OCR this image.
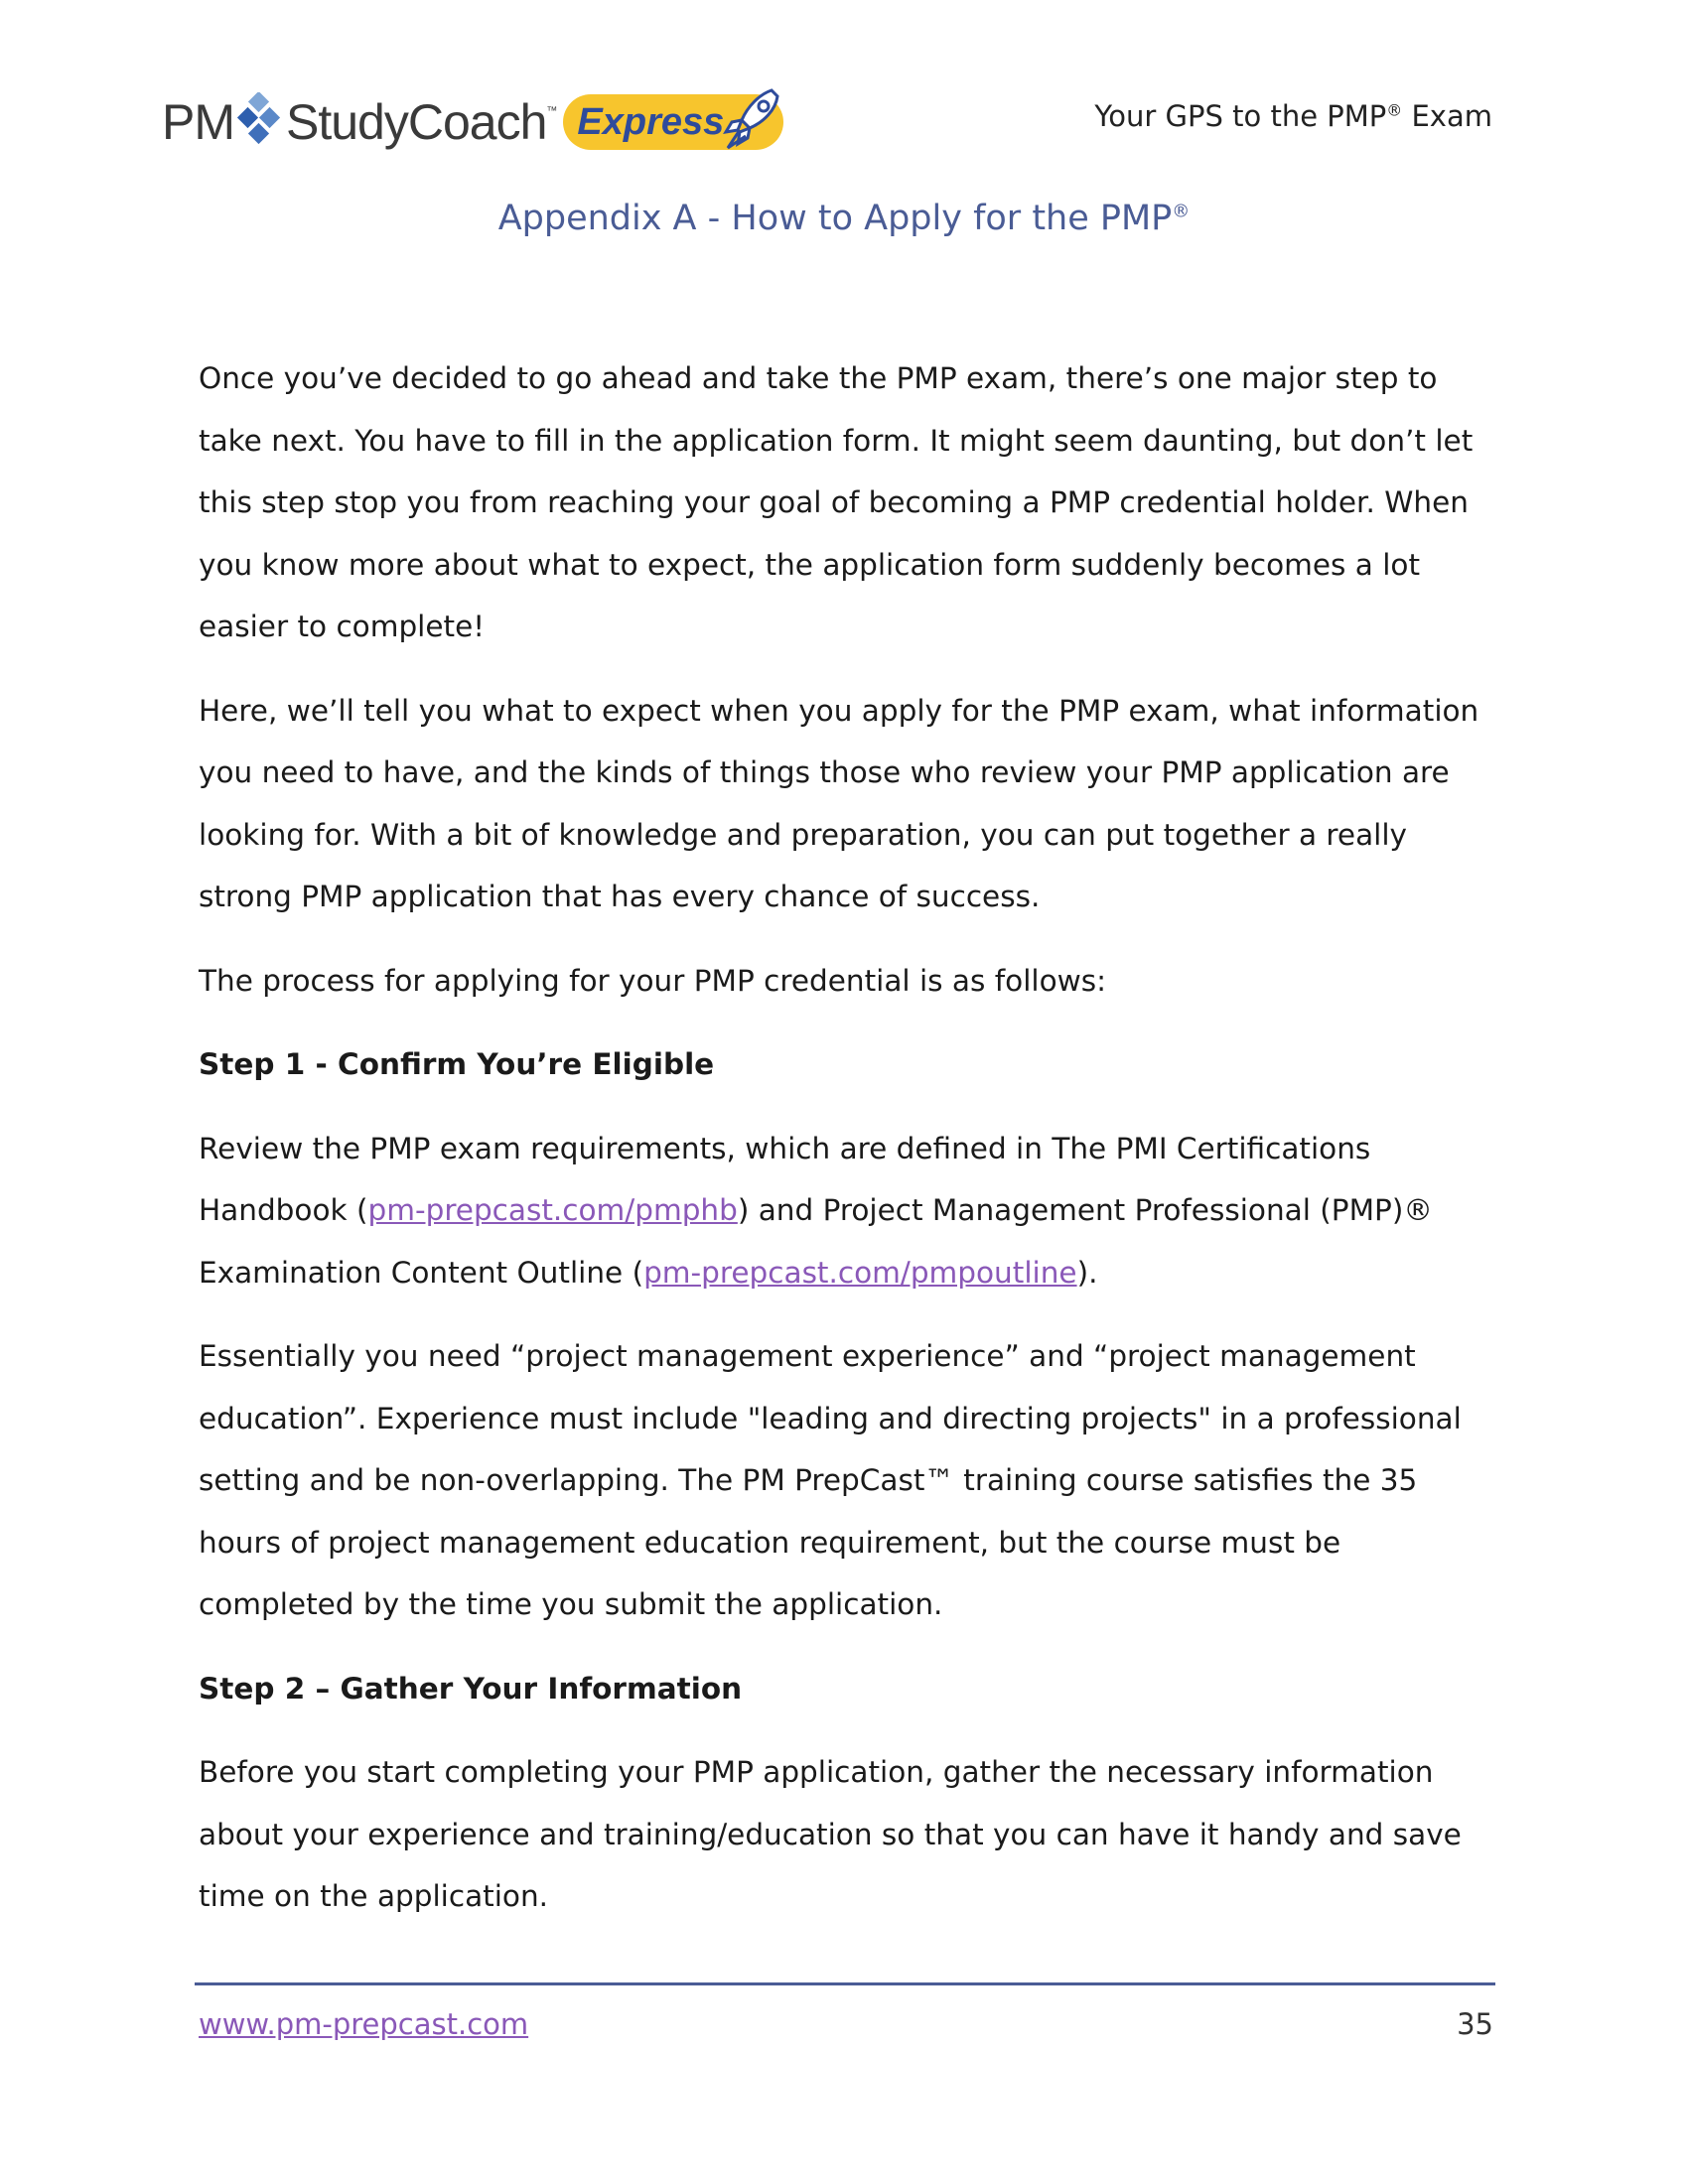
PM StudyCoach ™ Express	Your GPS to the PMP® Exam
Appendix A - How to Apply for the PMP®

Once you’ve decided to go ahead and take the PMP exam, there’s one major step to take next. You have to fill in the application form. It might seem daunting, but don’t let this step stop you from reaching your goal of becoming a PMP credential holder. When you know more about what to expect, the application form suddenly becomes a lot easier to complete!

Here, we’ll tell you what to expect when you apply for the PMP exam, what information you need to have, and the kinds of things those who review your PMP application are looking for. With a bit of knowledge and preparation, you can put together a really strong PMP application that has every chance of success.

The process for applying for your PMP credential is as follows:

Step 1 - Confirm You’re Eligible

Review the PMP exam requirements, which are defined in The PMI Certifications Handbook (pm-prepcast.com/pmphb) and Project Management Professional (PMP)® Examination Content Outline (pm-prepcast.com/pmpoutline).

Essentially you need “project management experience” and “project management education”. Experience must include "leading and directing projects" in a professional setting and be non-overlapping. The PM PrepCast™ training course satisfies the 35 hours of project management education requirement, but the course must be completed by the time you submit the application.

Step 2 – Gather Your Information

Before you start completing your PMP application, gather the necessary information about your experience and training/education so that you can have it handy and save time on the application.

www.pm-prepcast.com	35
